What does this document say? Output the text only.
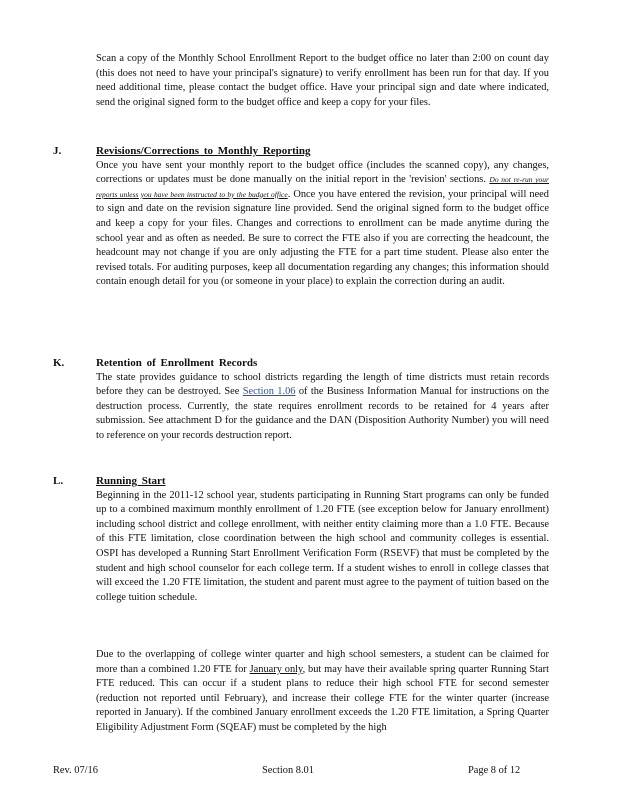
Scan a copy of the Monthly School Enrollment Report to the budget office no later than 2:00 on count day (this does not need to have your principal's signature) to verify enrollment has been run for that day. If you need additional time, please contact the budget office. Have your principal sign and date where indicated, send the original signed form to the budget office and keep a copy for your files.

J.	Revisions/Corrections to Monthly Reporting

Once you have sent your monthly report to the budget office (includes the scanned copy), any changes, corrections or updates must be done manually on the initial report in the 'revision' sections. Do not re-run your reports unless you have been instructed to by the budget office. Once you have entered the revision, your principal will need to sign and date on the revision signature line provided. Send the original signed form to the budget office and keep a copy for your files. Changes and corrections to enrollment can be made anytime during the school year and as often as needed. Be sure to correct the FTE also if you are correcting the headcount, the headcount may not change if you are only adjusting the FTE for a part time student. Please also enter the revised totals. For auditing purposes, keep all documentation regarding any changes; this information should contain enough detail for you (or someone in your place) to explain the correction during an audit.

K.	Retention of Enrollment Records

The state provides guidance to school districts regarding the length of time districts must retain records before they can be destroyed. See Section 1.06 of the Business Information Manual for instructions on the destruction process. Currently, the state requires enrollment records to be retained for 4 years after submission. See attachment D for the guidance and the DAN (Disposition Authority Number) you will need to reference on your records destruction report.

L.	Running Start

Beginning in the 2011-12 school year, students participating in Running Start programs can only be funded up to a combined maximum monthly enrollment of 1.20 FTE (see exception below for January enrollment) including school district and college enrollment, with neither entity claiming more than a 1.0 FTE. Because of this FTE limitation, close coordination between the high school and community colleges is essential. OSPI has developed a Running Start Enrollment Verification Form (RSEVF) that must be completed by the student and high school counselor for each college term. If a student wishes to enroll in college classes that will exceed the 1.20 FTE limitation, the student and parent must agree to the payment of tuition based on the college tuition schedule.

Due to the overlapping of college winter quarter and high school semesters, a student can be claimed for more than a combined 1.20 FTE for January only, but may have their available spring quarter Running Start FTE reduced. This can occur if a student plans to reduce their high school FTE for second semester (reduction not reported until February), and increase their college FTE for the winter quarter (increase reported in January). If the combined January enrollment exceeds the 1.20 FTE limitation, a Spring Quarter Eligibility Adjustment Form (SQEAF) must be completed by the high

Rev. 07/16	Section 8.01	Page 8 of 12
